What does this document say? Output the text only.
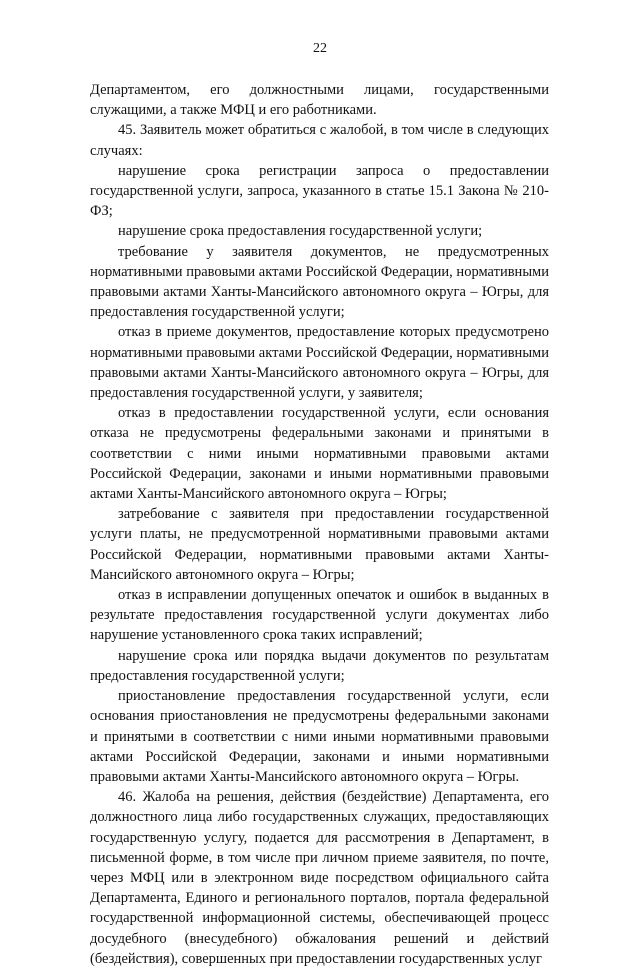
22

Департаментом, его должностными лицами, государственными служащими, а также МФЦ и его работниками.

45. Заявитель может обратиться с жалобой, в том числе в следующих случаях:

нарушение срока регистрации запроса о предоставлении государственной услуги, запроса, указанного в статье 15.1 Закона № 210-ФЗ;

нарушение срока предоставления государственной услуги;

требование у заявителя документов, не предусмотренных нормативными правовыми актами Российской Федерации, нормативными правовыми актами Ханты-Мансийского автономного округа – Югры, для предоставления государственной услуги;

отказ в приеме документов, предоставление которых предусмотрено нормативными правовыми актами Российской Федерации, нормативными правовыми актами Ханты-Мансийского автономного округа – Югры, для предоставления государственной услуги, у заявителя;

отказ в предоставлении государственной услуги, если основания отказа не предусмотрены федеральными законами и принятыми в соответствии с ними иными нормативными правовыми актами Российской Федерации, законами и иными нормативными правовыми актами Ханты-Мансийского автономного округа – Югры;

затребование с заявителя при предоставлении государственной услуги платы, не предусмотренной нормативными правовыми актами Российской Федерации, нормативными правовыми актами Ханты-Мансийского автономного округа – Югры;

отказ в исправлении допущенных опечаток и ошибок в выданных в результате предоставления государственной услуги документах либо нарушение установленного срока таких исправлений;

нарушение срока или порядка выдачи документов по результатам предоставления государственной услуги;

приостановление предоставления государственной услуги, если основания приостановления не предусмотрены федеральными законами и принятыми в соответствии с ними иными нормативными правовыми актами Российской Федерации, законами и иными нормативными правовыми актами Ханты-Мансийского автономного округа – Югры.

46. Жалоба на решения, действия (бездействие) Департамента, его должностного лица либо государственных служащих, предоставляющих государственную услугу, подается для рассмотрения в Департамент, в письменной форме, в том числе при личном приеме заявителя, по почте, через МФЦ или в электронном виде посредством официального сайта Департамента, Единого и регионального порталов, портала федеральной государственной информационной системы, обеспечивающей процесс досудебного (внесудебного) обжалования решений и действий (бездействия), совершенных при предоставлении государственных услуг
